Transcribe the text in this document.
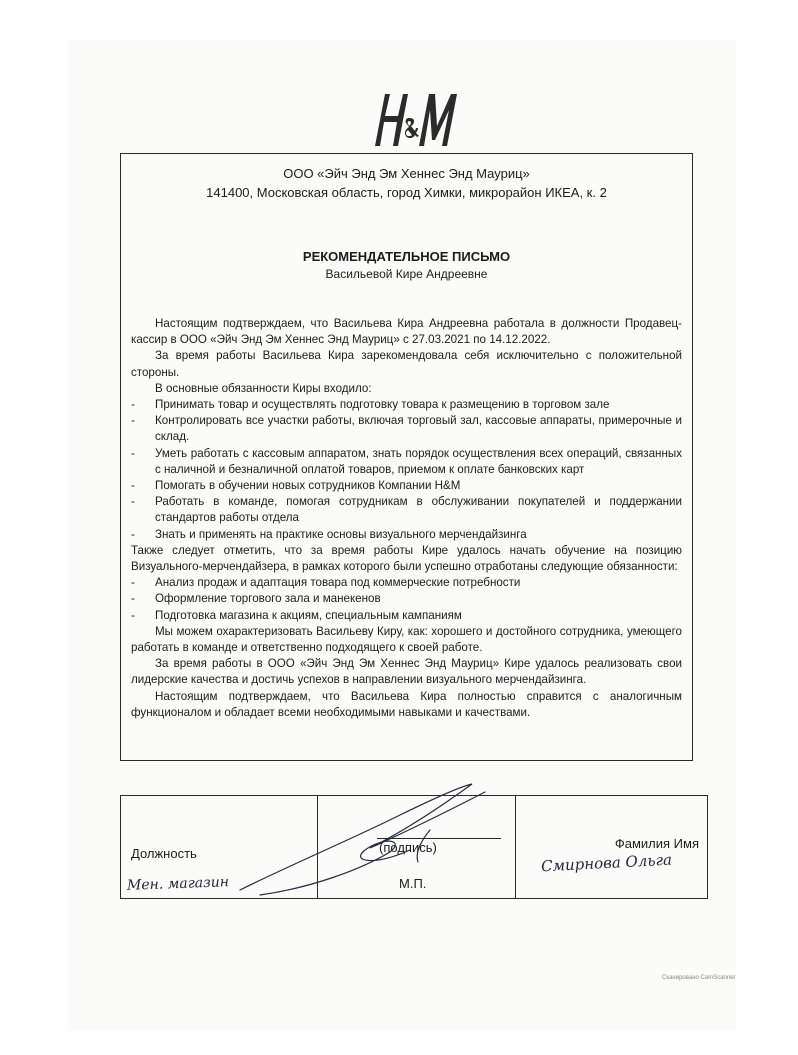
ООО «Эйч Энд Эм Хеннес Энд Мауриц»
141400, Московская область, город Химки, микрорайон ИКЕА, к. 2
РЕКОМЕНДАТЕЛЬНОЕ ПИСЬМО
Васильевой Кире Андреевне

Настоящим подтверждаем, что Васильева Кира Андреевна работала в должности Продавец-кассир в ООО «Эйч Энд Эм Хеннес Энд Мауриц» с 27.03.2021 по 14.12.2022.

За время работы Васильева Кира зарекомендовала себя исключительно с положительной стороны.

В основные обязанности Киры входило:

-	Принимать товар и осуществлять подготовку товара к размещению в торговом зале
-	Контролировать все участки работы, включая торговый зал, кассовые аппараты, примерочные и склад.
-	Уметь работать с кассовым аппаратом, знать порядок осуществления всех операций, связанных с наличной и безналичной оплатой товаров, приемом к оплате банковских карт
-	Помогать в обучении новых сотрудников Компании H&M
-	Работать в команде, помогая сотрудникам в обслуживании покупателей и поддержании стандартов работы отдела
-	Знать и применять на практике основы визуального мерчендайзинга

Также следует отметить, что за время работы Кире удалось начать обучение на позицию Визуального-мерчендайзера, в рамках которого были успешно отработаны следующие обязанности:

-	Анализ продаж и адаптация товара под коммерческие потребности
-	Оформление торгового зала и манекенов
-	Подготовка магазина к акциям, специальным кампаниям

Мы можем охарактеризовать Васильеву Киру, как: хорошего и достойного сотрудника, умеющего работать в команде и ответственно подходящего к своей работе.

За время работы в ООО «Эйч Энд Эм Хеннес Энд Мауриц» Кире удалось реализовать свои лидерские качества и достичь успехов в направлении визуального мерчендайзинга.

Настоящим подтверждаем, что Васильева Кира полностью справится с аналогичным функционалом и обладает всеми необходимыми навыками и качествами.

Должность
Мен. магазин
(подпись)
М.П.
Фамилия Имя
Смирнова Ольга
Сканировано CamScanner
